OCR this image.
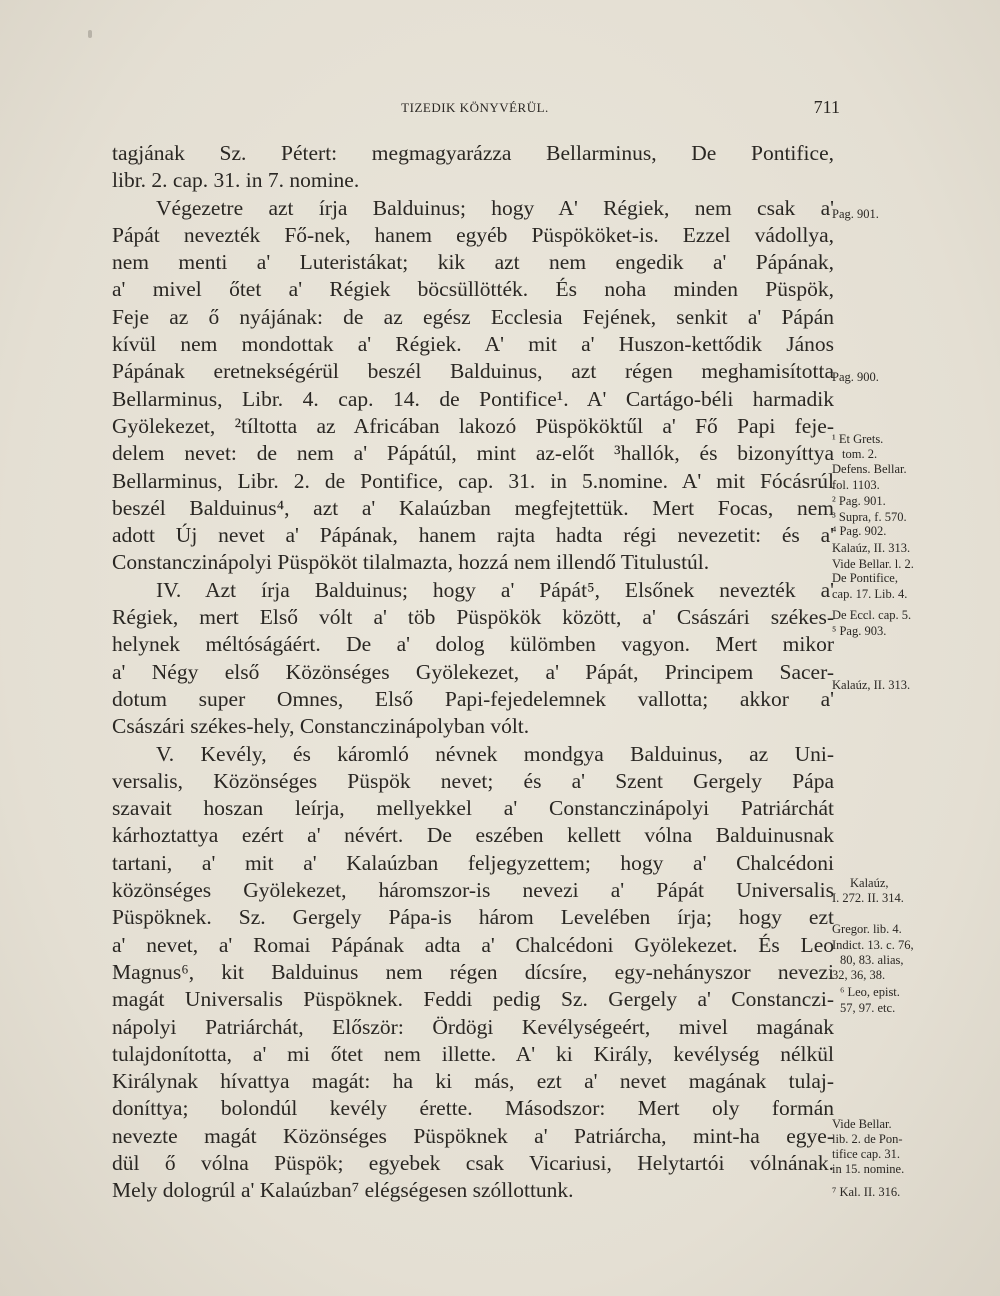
TIZEDIK KÖNYVÉRÜL.	711
tagjának Sz. Pétert: megmagyarázza Bellarminus, De Pontifice,
libr. 2. cap. 31. in 7. nomine.
Végezetre azt írja Balduinus; hogy A' Régiek, nem csak a'
Pápát nevezték Fő-nek, hanem egyéb Püspököket-is. Ezzel vádollya,
nem menti a' Luteristákat; kik azt nem engedik a' Pápának,
a' mivel őtet a' Régiek böcsüllötték. És noha minden Püspök,
Feje az ő nyájának: de az egész Ecclesia Fejének, senkit a' Pápán
kívül nem mondottak a' Régiek. A' mit a' Huszon-kettődik János
Pápának eretnekségérül beszél Balduinus, azt régen meghamisította
Bellarminus, Libr. 4. cap. 14. de Pontifice¹. A' Cartágo-béli harmadik
Gyölekezet, ²tíltotta az Africában lakozó Püspököktűl a' Fő Papi feje-
delem nevet: de nem a' Pápátúl, mint az-előt ³hallók, és bizonyíttya
Bellarminus, Libr. 2. de Pontifice, cap. 31. in 5.nomine. A' mit Fócásrúl
beszél Balduinus⁴, azt a' Kalaúzban megfejtettük. Mert Focas, nem
adott Új nevet a' Pápának, hanem rajta hadta régi nevezetit: és a'
Constanczinápolyi Püspököt tilalmazta, hozzá nem illendő Titulustúl.
IV. Azt írja Balduinus; hogy a' Pápát⁵, Elsőnek nevezték a'
Régiek, mert Első vólt a' töb Püspökök között, a' Császári székes-
helynek méltóságáért. De a' dolog külömben vagyon. Mert mikor
a' Négy első Közönséges Gyölekezet, a' Pápát, Principem Sacer-
dotum super Omnes, Első Papi-fejedelemnek vallotta; akkor a'
Császári székes-hely, Constanczinápolyban vólt.
V. Kevély, és káromló névnek mondgya Balduinus, az Uni-
versalis, Közönséges Püspök nevet; és a' Szent Gergely Pápa
szavait hoszan leírja, mellyekkel a' Constanczinápolyi Patriárchát
kárhoztattya ezért a' névért. De eszében kellett vólna Balduinusnak
tartani, a' mit a' Kalaúzban feljegyzettem; hogy a' Chalcédoni
közönséges Gyölekezet, háromszor-is nevezi a' Pápát Universalis
Püspöknek. Sz. Gergely Pápa-is három Levelében írja; hogy ezt
a' nevet, a' Romai Pápának adta a' Chalcédoni Gyölekezet. És Leo
Magnus⁶, kit Balduinus nem régen dícsíre, egy-nehányszor nevezi
magát Universalis Püspöknek. Feddi pedig Sz. Gergely a' Constanczi-
nápolyi Patriárchát, Először: Ördögi Kevélységeért, mivel magának
tulajdonította, a' mi őtet nem illette. A' ki Király, kevélység nélkül
Királynak hívattya magát: ha ki más, ezt a' nevet magának tulaj-
doníttya; bolondúl kevély érette. Másodszor: Mert oly formán
nevezte magát Közönséges Püspöknek a' Patriárcha, mint-ha egye-
dül ő vólna Püspök; egyebek csak Vicariusi, Helytartói vólnának.
Mely dologrúl a' Kalaúzban⁷ elégségesen szóllottunk.
Pag. 901.
Pag. 900.
¹ Et Grets.
tom. 2.
Defens. Bellar.
fol. 1103.
² Pag. 901.
³ Supra, f. 570.
⁴ Pag. 902.
Kalaúz, II. 313.
Vide Bellar. l. 2.
De Pontifice,
cap. 17. Lib. 4.
De Eccl. cap. 5.
⁵ Pag. 903.
Kalaúz, II. 313.
Kalaúz,
I. 272. II. 314.
Gregor. lib. 4.
Indict. 13. c. 76,
80, 83. alias,
32, 36, 38.
⁶ Leo, epist.
57, 97. etc.
Vide Bellar.
lib. 2. de Pon-
tifice cap. 31.
in 15. nomine.
⁷ Kal. II. 316.
